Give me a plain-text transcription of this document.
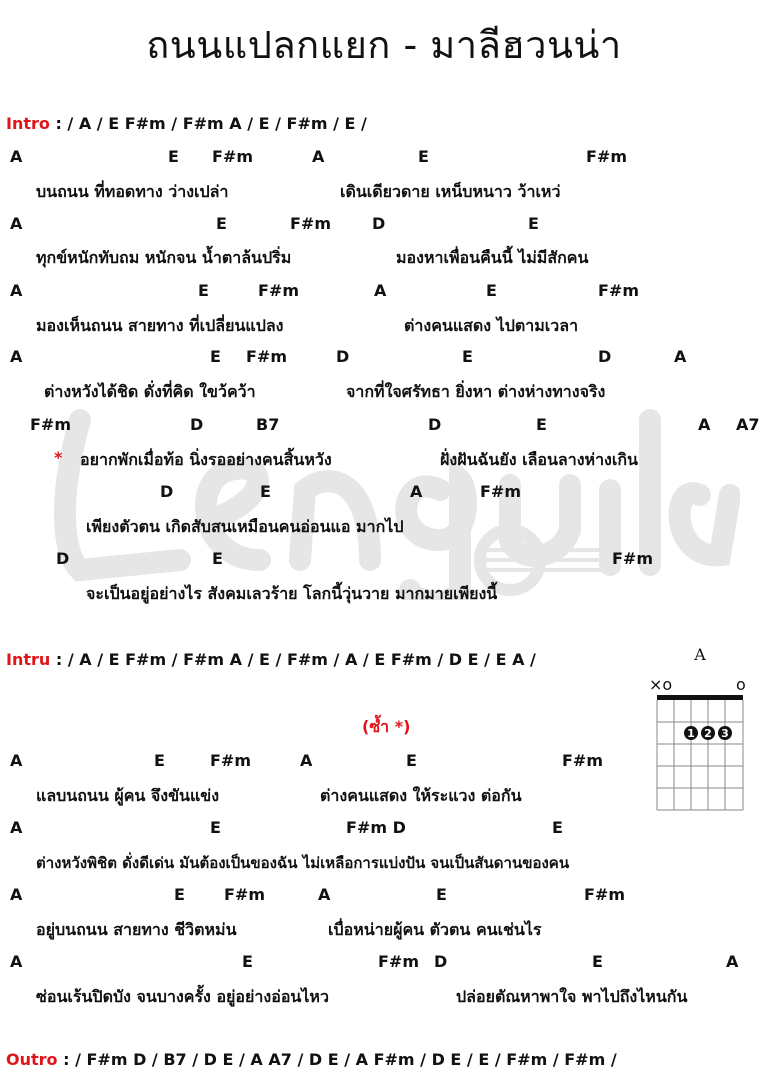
ถนนแปลกแยก - มาลีฮวนน่า
Intro : / A / E F#m / F#m A / E / F#m / E /
A	E F#m	A	E	F#m
บนถนน ที่ทอดทาง ว่างเปล่า	เดินเดียวดาย เหน็บหนาว ว้าเหว่
A	E	F#m	D	E
ทุกข์หนักทับถม หนักจน น้ำตาล้นปริ่ม	มองหาเพื่อนคืนนี้ ไม่มีสักคน
A	E	F#m	A	E	F#m
มองเห็นถนน สายทาง ที่เปลี่ยนแปลง	ต่างคนแสดง ไปตามเวลา
A	E F#m	D	E	D	A
ต่างหวังได้ชิด ดั่งที่คิด ใขว้คว้า	จากที่ใจศรัทธา ยิ่งหา ต่างห่างทางจริง
F#m	D	B7	D	E	A A7
* อยากพักเมื่อท้อ นิ่งรออย่างคนสิ้นหวัง	ฝั่งฝันฉันยัง เลือนลางห่างเกิน
D	E	A	F#m
เพียงตัวตน เกิดสับสนเหมือนคนอ่อนแอ มากไป
D	E	F#m
จะเป็นอยู่อย่างไร สังคมเลวร้าย โลกนี้วุ่นวาย มากมายเพียงนี้
Intru : / A / E F#m / F#m A / E / F#m / A / E F#m / D E / E A /	A
×o	o
1 2 3
(ซ้ำ *)
A	E	F#m	A	E	F#m
แลบนถนน ผู้คน จึงขันแข่ง	ต่างคนแสดง ให้ระแวง ต่อกัน
A	E	F#m D	E
ต่างหวังพิชิต ดั่งดีเด่น มันต้องเป็นของฉัน ไม่เหลือการแบ่งปัน จนเป็นสันดานของคน
A	E F#m	A	E	F#m
อยู่บนถนน สายทาง ชีวิตหม่น	เบื่อหน่ายผู้คน ตัวตน คนเช่นไร
A	E	F#m D	E	A
ซ่อนเร้นปิดบัง จนบางครั้ง อยู่อย่างอ่อนไหว	ปล่อยตัณหาพาใจ พาไปถึงไหนกัน
Outro : / F#m D / B7 / D E / A A7 / D E / A F#m / D E / E / F#m / F#m /
